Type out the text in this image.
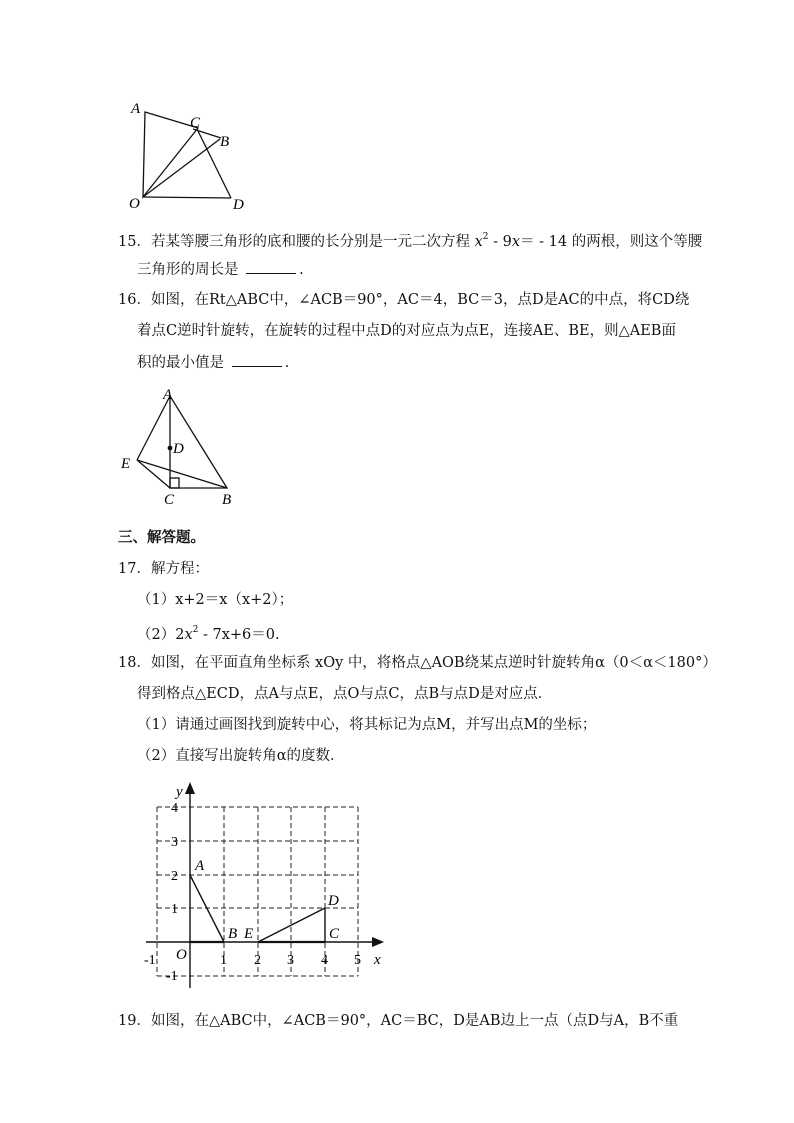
A
C
B
O	D
15．若某等腰三角形的底和腰的长分别是一元二次方程 $x^2 - 9x= - 14$ 的两根，则这个等腰
三角形的周长是	.
16．如图，在Rt△ABC中，∠ACB＝90°，AC＝4，BC＝3，点D是AC的中点，将CD绕
着点C逆时针旋转，在旋转的过程中点D的对应点为点E，连接AE、BE，则△AEB面
积的最小值是	.
A
D
E
C	B
三、解答题。
17．解方程：
（1）x+2＝x（x+2）；
$(2)2x^2 - 7x+6=0$.
18．如图，在平面直角坐标系 xOy 中，将格点△AOB绕某点逆时针旋转角α（0＜α＜180°）
得到格点△ECD，点A与点E，点O与点C，点B与点D是对应点．
（1）请通过画图找到旋转中心，将其标记为点M，并写出点M的坐标；
（2）直接写出旋转角α的度数．
y
x
O
4
3
2
1
-1
-1	1 2 3 4 5
A
B E
D
C
19．如图，在△ABC中，∠ACB＝90°，AC＝BC，D是AB边上一点（点D与A，B不重
